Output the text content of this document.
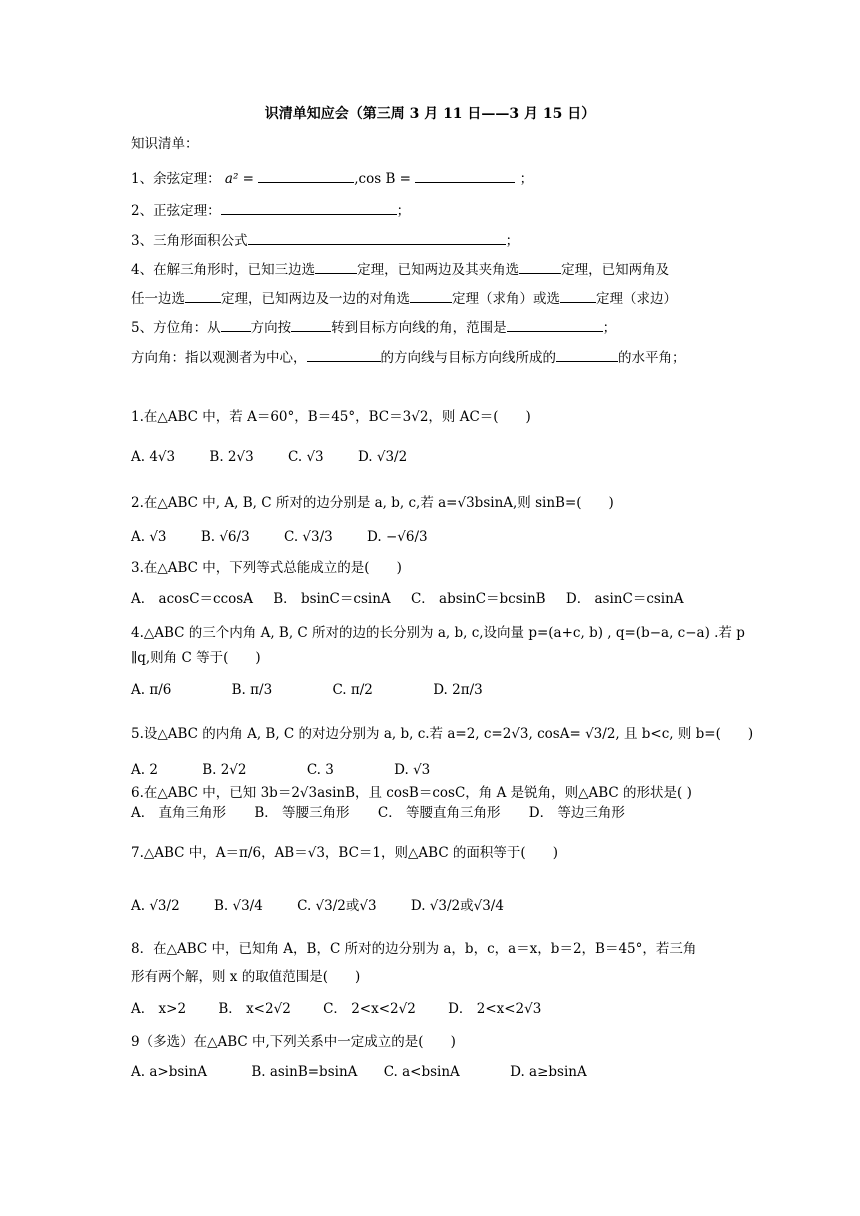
识清单知应会（第三周 3 月 11 日——3 月 15 日）
知识清单：
1、余弦定理： a² =	,cos B =	；
2、正弦定理：	；
3、三角形面积公式	；
4、在解三角形时，已知三边选	定理，已知两边及其夹角选	定理，已知两角及
任一边选	定理，已知两边及一边的对角选	定理（求角）或选	定理（求边）
5、方位角：从 方向按	转到目标方向线的角，范围是	；
方向角：指以观测者为中心，	的方向线与目标方向线所成的	的水平角；
1.在△ABC 中，若 A＝60°，B＝45°，BC＝3√2，则 AC＝(　　)
A. 4√3	B. 2√3	C. √3	D. √3/2
2.在△ABC 中, A, B, C 所对的边分别是 a, b, c,若 a=√3bsinA,则 sinB=(　　)
A. √3	B. √6/3	C. √3/3	D. −√6/3
3.在△ABC 中，下列等式总能成立的是(　　)
A． acosC＝ccosA B． bsinC＝csinA C． absinC＝bcsinB D． asinC＝csinA
4.△ABC 的三个内角 A, B, C 所对的边的长分别为 a, b, c,设向量 p=(a+c, b) , q=(b−a, c−a) .若 p
∥q,则角 C 等于(　　)
A. π/6	B. π/3	C. π/2	D. 2π/3
5.设△ABC 的内角 A, B, C 的对边分别为 a, b, c.若 a=2, c=2√3, cosA= √3/2, 且 b<c, 则 b=(　　)
A. 2	B. 2√2	C. 3	D. √3
6.在△ABC 中，已知 3b＝2√3asinB，且 cosB＝cosC，角 A 是锐角，则△ABC 的形状是( )
A． 直角三角形 B． 等腰三角形 C． 等腰直角三角形 D． 等边三角形
7.△ABC 中，A＝π/6，AB＝√3，BC＝1，则△ABC 的面积等于(　　)
A. √3/2	B. √3/4	C. √3/2或√3	D. √3/2或√3/4
8．在△ABC 中，已知角 A，B，C 所对的边分别为 a，b，c，a＝x，b＝2，B＝45°，若三角
形有两个解，则 x 的取值范围是(　　)
A． x>2 B． x<2√2 C． 2<x<2√2 D． 2<x<2√3
9（多选）在△ABC 中,下列关系中一定成立的是(　　)
A. a>bsinA	B. asinB=bsinA C. a<bsinA	D. a≥bsinA
